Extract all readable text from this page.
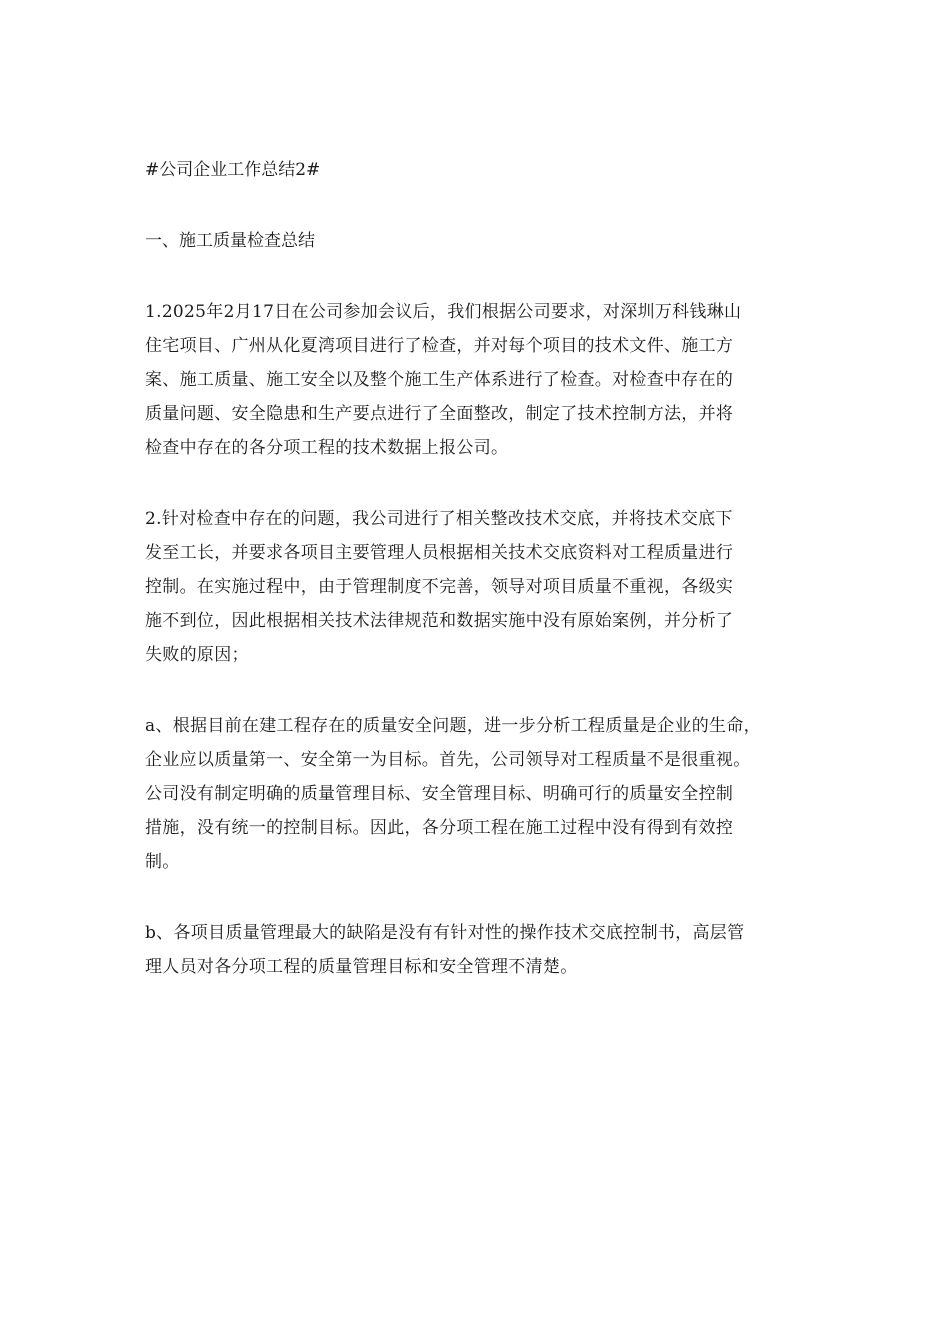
#公司企业工作总结2#
一、施工质量检查总结
1.2025年2月17日在公司参加会议后，我们根据公司要求，对深圳万科钱琳山
住宅项目、广州从化夏湾项目进行了检查，并对每个项目的技术文件、施工方
案、施工质量、施工安全以及整个施工生产体系进行了检查。对检查中存在的
质量问题、安全隐患和生产要点进行了全面整改，制定了技术控制方法，并将
检查中存在的各分项工程的技术数据上报公司。
2.针对检查中存在的问题，我公司进行了相关整改技术交底，并将技术交底下
发至工长，并要求各项目主要管理人员根据相关技术交底资料对工程质量进行
控制。在实施过程中，由于管理制度不完善，领导对项目质量不重视，各级实
施不到位，因此根据相关技术法律规范和数据实施中没有原始案例，并分析了
失败的原因；
a、根据目前在建工程存在的质量安全问题，进一步分析工程质量是企业的生命，
企业应以质量第一、安全第一为目标。首先，公司领导对工程质量不是很重视。
公司没有制定明确的质量管理目标、安全管理目标、明确可行的质量安全控制
措施，没有统一的控制目标。因此，各分项工程在施工过程中没有得到有效控
制。
b、各项目质量管理最大的缺陷是没有有针对性的操作技术交底控制书，高层管
理人员对各分项工程的质量管理目标和安全管理不清楚。
